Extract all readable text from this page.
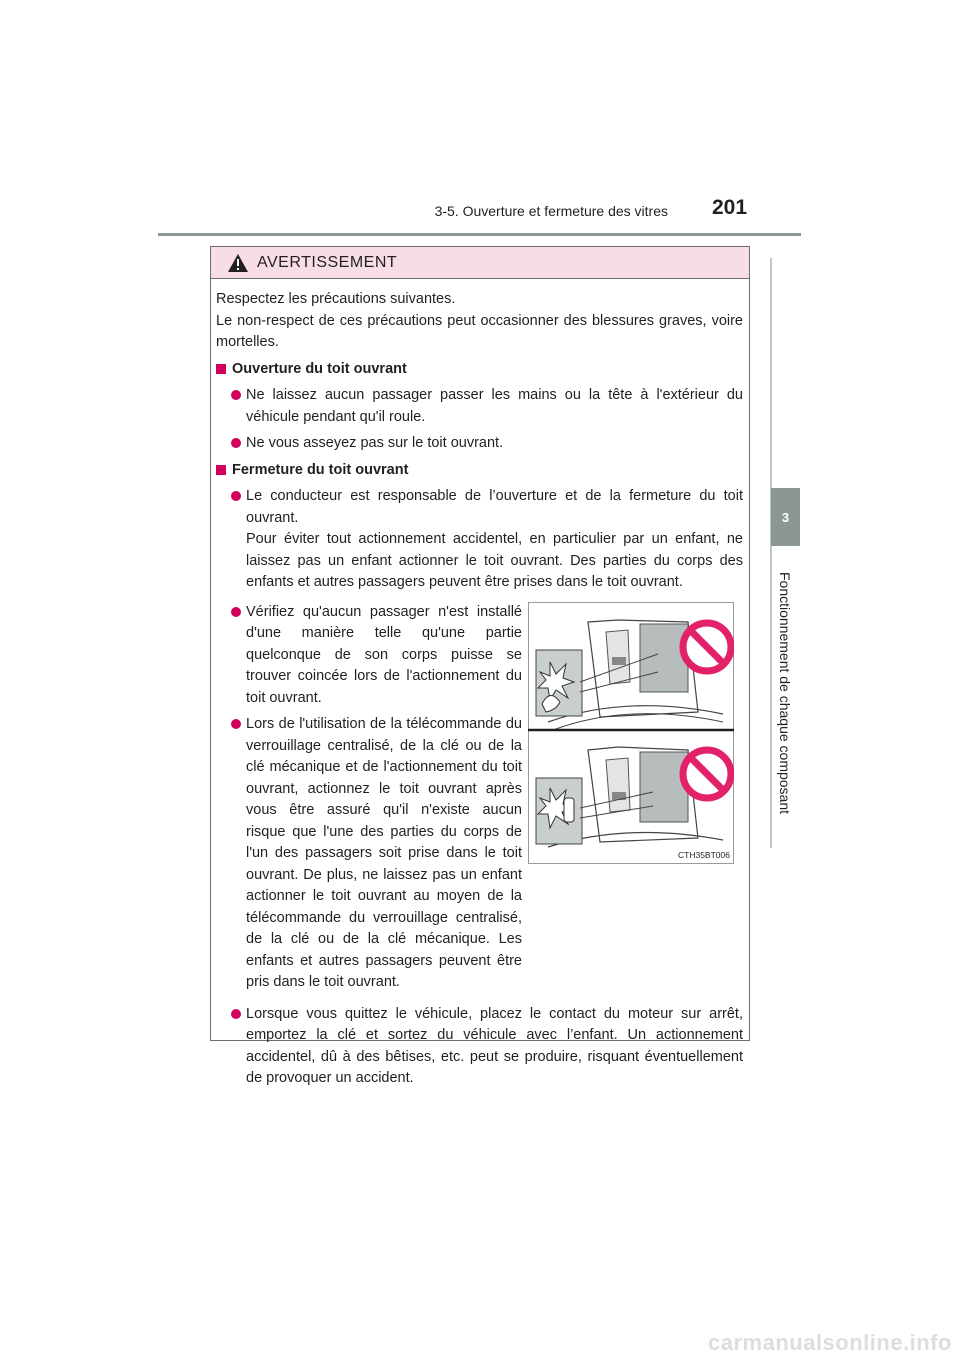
3-5. Ouverture et fermeture des vitres 201
3
Fonctionnement de chaque composant
AVERTISSEMENT

Respectez les précautions suivantes.

Le non-respect de ces précautions peut occasionner des blessures graves, voire mortelles.

Ouverture du toit ouvrant
Ne laissez aucun passager passer les mains ou la tête à l'extérieur du véhicule pendant qu'il roule.
Ne vous asseyez pas sur le toit ouvrant.
Fermeture du toit ouvrant
Le conducteur est responsable de l’ouverture et de la fermeture du toit ouvrant.
Pour éviter tout actionnement accidentel, en particulier par un enfant, ne laissez pas un enfant actionner le toit ouvrant. Des parties du corps des enfants et autres passagers peuvent être prises dans le toit ouvrant.
Vérifiez qu'aucun passager n'est installé d'une manière telle qu'une partie quelconque de son corps puisse se trouver coincée lors de l'actionnement du toit ouvrant.
Lors de l'utilisation de la télécommande du verrouillage centralisé, de la clé ou de la clé mécanique et de l'actionnement du toit ouvrant, actionnez le toit ouvrant après vous être assuré qu'il n'existe aucun risque que l'une des parties du corps de l'un des passagers soit prise dans le toit ouvrant. De plus, ne laissez pas un enfant actionner le toit ouvrant au moyen de la télécommande du verrouillage centralisé, de la clé ou de la clé mécanique. Les enfants et autres passagers peuvent être pris dans le toit ouvrant.
CTH35BT006
Lorsque vous quittez le véhicule, placez le contact du moteur sur arrêt, emportez la clé et sortez du véhicule avec l’enfant. Un actionnement accidentel, dû à des bêtises, etc. peut se produire, risquant éventuellement de provoquer un accident.
carmanualsonline.info
